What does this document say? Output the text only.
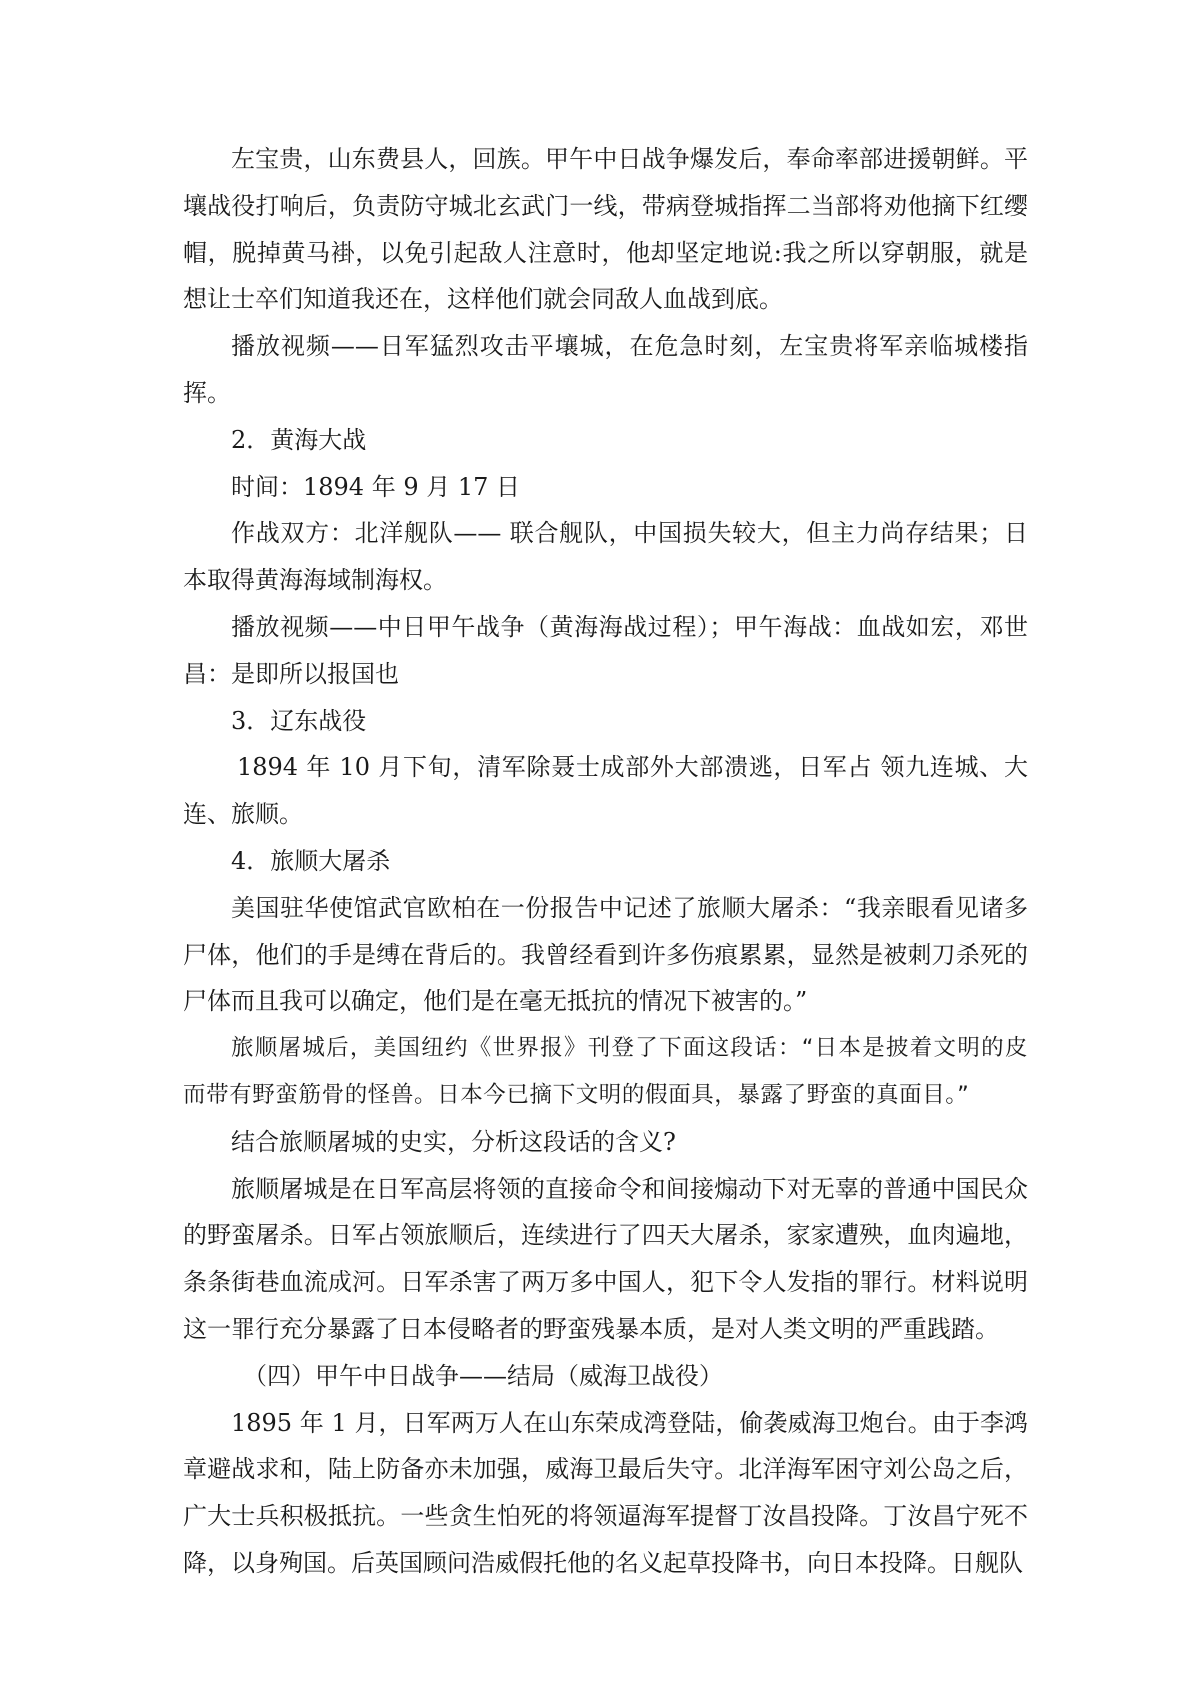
左宝贵，山东费县人，回族。甲午中日战争爆发后，奉命率部进援朝鲜。平壤战役打响后，负责防守城北玄武门一线，带病登城指挥二当部将劝他摘下红缨帽，脱掉黄马褂，以免引起敌人注意时，他却坚定地说:我之所以穿朝服，就是想让士卒们知道我还在，这样他们就会同敌人血战到底。

播放视频——日军猛烈攻击平壤城，在危急时刻，左宝贵将军亲临城楼指挥。

2．黄海大战

时间：1894 年 9 月 17 日

作战双方：北洋舰队—— 联合舰队，中国损失较大，但主力尚存结果；日本取得黄海海域制海权。

播放视频——中日甲午战争（黄海海战过程）；甲午海战：血战如宏，邓世昌：是即所以报国也

3．辽东战役

1894 年 10 月下旬，清军除聂士成部外大部溃逃，日军占 领九连城、大连、旅顺。

4．旅顺大屠杀

美国驻华使馆武官欧柏在一份报告中记述了旅顺大屠杀：“我亲眼看见诸多尸体，他们的手是缚在背后的。我曾经看到许多伤痕累累，显然是被刺刀杀死的尸体而且我可以确定，他们是在毫无抵抗的情况下被害的。”

旅顺屠城后，美国纽约《世界报》刊登了下面这段话：“日本是披着文明的皮而带有野蛮筋骨的怪兽。日本今已摘下文明的假面具，暴露了野蛮的真面目。”

结合旅顺屠城的史实，分析这段话的含义?

旅顺屠城是在日军高层将领的直接命令和间接煽动下对无辜的普通中国民众的野蛮屠杀。日军占领旅顺后，连续进行了四天大屠杀，家家遭殃，血肉遍地，条条街巷血流成河。日军杀害了两万多中国人，犯下令人发指的罪行。材料说明这一罪行充分暴露了日本侵略者的野蛮残暴本质，是对人类文明的严重践踏。

（四）甲午中日战争——结局（威海卫战役）

1895 年 1 月，日军两万人在山东荣成湾登陆，偷袭威海卫炮台。由于李鸿章避战求和，陆上防备亦未加强，威海卫最后失守。北洋海军困守刘公岛之后，广大士兵积极抵抗。一些贪生怕死的将领逼海军提督丁汝昌投降。丁汝昌宁死不降，以身殉国。后英国顾问浩威假托他的名义起草投降书，向日本投降。日舰队
